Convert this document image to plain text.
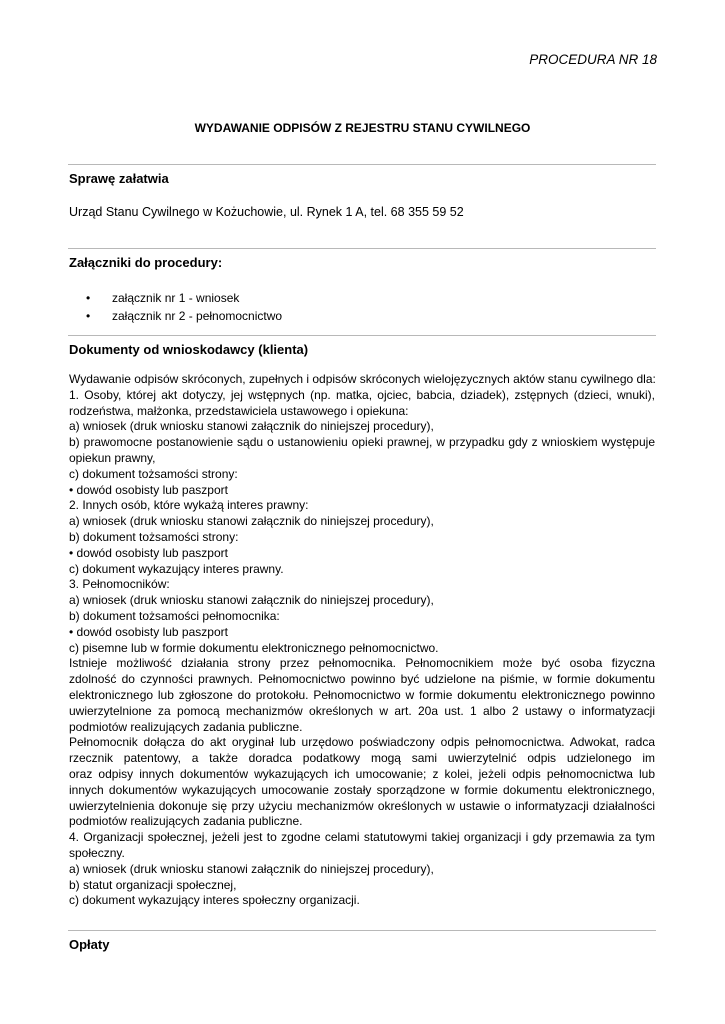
PROCEDURA NR 18
WYDAWANIE ODPISÓW Z REJESTRU STANU CYWILNEGO
Sprawę załatwia
Urząd Stanu Cywilnego w Kożuchowie, ul. Rynek 1 A, tel. 68 355 59 52
Załączniki do procedury:
• załącznik nr 1 - wniosek
• załącznik nr 2 - pełnomocnictwo
Dokumenty od wnioskodawcy (klienta)
Wydawanie odpisów skróconych, zupełnych i odpisów skróconych wielojęzycznych aktów stanu cywilnego dla:
1. Osoby, której akt dotyczy, jej wstępnych (np. matka, ojciec, babcia, dziadek), zstępnych (dzieci, wnuki),
rodzeństwa, małżonka, przedstawiciela ustawowego i opiekuna:
a) wniosek (druk wniosku stanowi załącznik do niniejszej procedury),
b) prawomocne postanowienie sądu o ustanowieniu opieki prawnej, w przypadku gdy z wnioskiem występuje
opiekun prawny,
c) dokument tożsamości strony:
• dowód osobisty lub paszport
2. Innych osób, które wykażą interes prawny:
a) wniosek (druk wniosku stanowi załącznik do niniejszej procedury),
b) dokument tożsamości strony:
• dowód osobisty lub paszport
c) dokument wykazujący interes prawny.
3. Pełnomocników:
a) wniosek (druk wniosku stanowi załącznik do niniejszej procedury),
b) dokument tożsamości pełnomocnika:
• dowód osobisty lub paszport
c) pisemne lub w formie dokumentu elektronicznego pełnomocnictwo.
Istnieje możliwość działania strony przez pełnomocnika. Pełnomocnikiem może być osoba fizyczna
zdolność do czynności prawnych. Pełnomocnictwo powinno być udzielone na piśmie, w formie dokumentu
elektronicznego lub zgłoszone do protokołu. Pełnomocnictwo w formie dokumentu elektronicznego powinno
uwierzytelnione za pomocą mechanizmów określonych w art. 20a ust. 1 albo 2 ustawy o informatyzacji
podmiotów realizujących zadania publiczne.
Pełnomocnik dołącza do akt oryginał lub urzędowo poświadczony odpis pełnomocnictwa. Adwokat, radca
rzecznik patentowy, a także doradca podatkowy mogą sami uwierzytelnić odpis udzielonego im
oraz odpisy innych dokumentów wykazujących ich umocowanie; z kolei, jeżeli odpis pełnomocnictwa lub
innych dokumentów wykazujących umocowanie zostały sporządzone w formie dokumentu elektronicznego,
uwierzytelnienia dokonuje się przy użyciu mechanizmów określonych w ustawie o informatyzacji działalności
podmiotów realizujących zadania publiczne.
4. Organizacji społecznej, jeżeli jest to zgodne celami statutowymi takiej organizacji i gdy przemawia za tym
społeczny.
a) wniosek (druk wniosku stanowi załącznik do niniejszej procedury),
b) statut organizacji społecznej,
c) dokument wykazujący interes społeczny organizacji.
Opłaty
